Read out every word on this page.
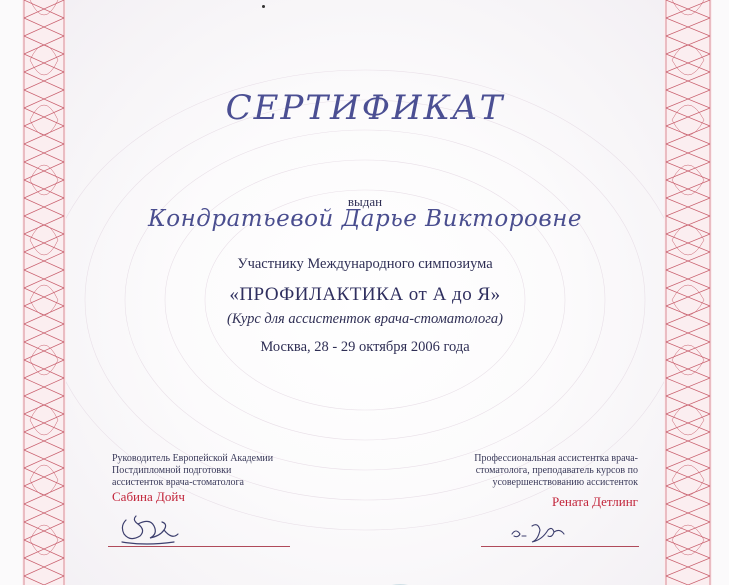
СЕРТИФИКАТ
выдан
Кондратьевой Дарье Викторовне
Участнику Международного симпозиума
«ПРОФИЛАКТИКА от А до Я»
(Курс для ассистенток врача-стоматолога)
Москва, 28 - 29 октября 2006 года
Руководитель Европейской Академии
Постдипломной подготовки
ассистенток врача-стоматолога
Сабина Дойч
Профессиональная ассистентка врача-
стоматолога, преподаватель курсов по
усовершенствованию ассистенток
Рената Детлинг
